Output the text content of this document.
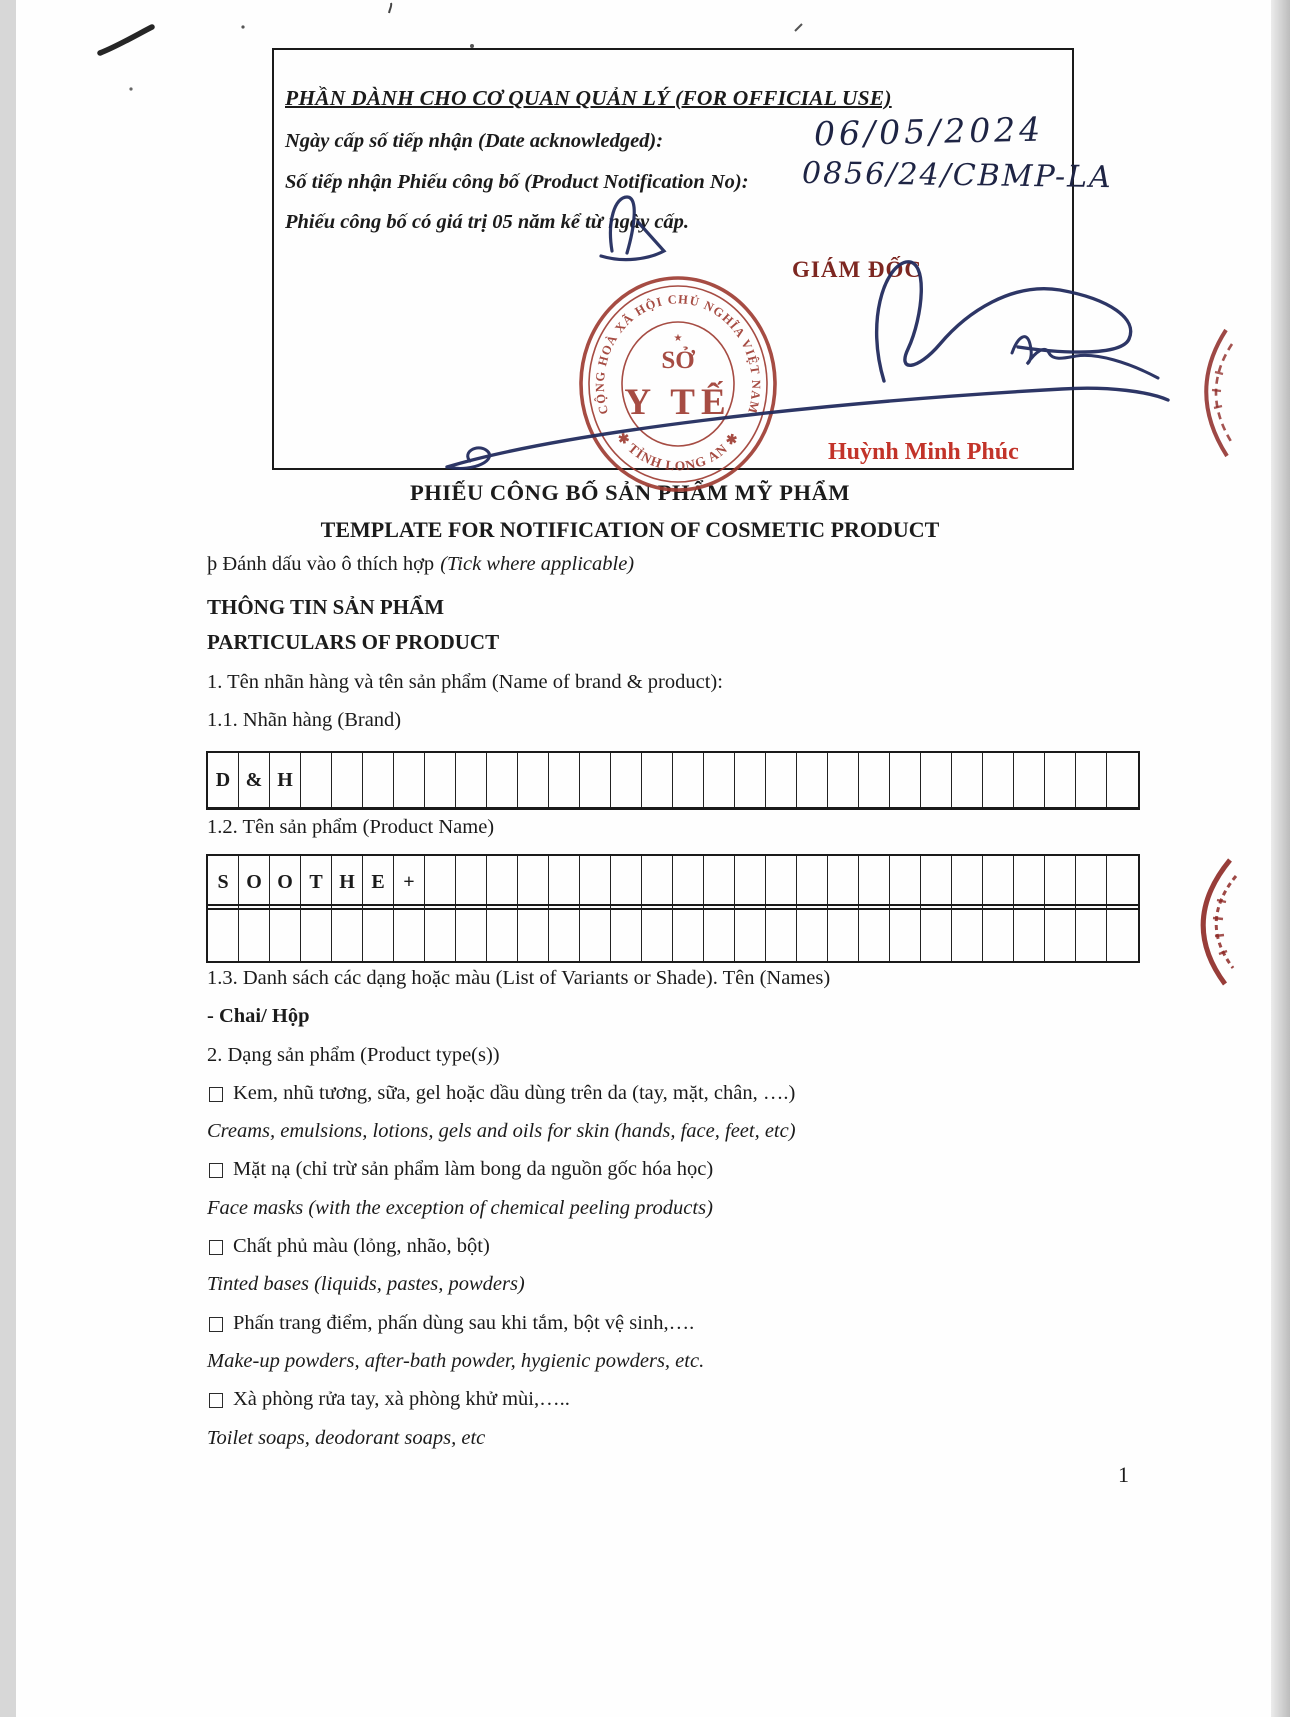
PHẦN DÀNH CHO CƠ QUAN QUẢN LÝ (FOR OFFICIAL USE)
Ngày cấp số tiếp nhận (Date acknowledged):
Số tiếp nhận Phiếu công bố (Product Notification No):
Phiếu công bố có giá trị 05 năm kể từ ngày cấp.
06/05/2024
0856/24/CBMP-LA
GIÁM ĐỐC
Huỳnh Minh Phúc
PHIẾU CÔNG BỐ SẢN PHẨM MỸ PHẨM
TEMPLATE FOR NOTIFICATION OF COSMETIC PRODUCT
þ Đánh dấu vào ô thích hợp (Tick where applicable)
THÔNG TIN SẢN PHẨM
PARTICULARS OF PRODUCT
1. Tên nhãn hàng và tên sản phẩm (Name of brand & product):
1.1. Nhãn hàng (Brand)
D & H
1.2. Tên sản phẩm (Product Name)
S O O T H E +
1.3. Danh sách các dạng hoặc màu (List of Variants or Shade). Tên (Names)
- Chai/ Hộp
2. Dạng sản phẩm (Product type(s))
Kem, nhũ tương, sữa, gel hoặc dầu dùng trên da (tay, mặt, chân, ….)
Creams, emulsions, lotions, gels and oils for skin (hands, face, feet, etc)
Mặt nạ (chỉ trừ sản phẩm làm bong da nguồn gốc hóa học)
Face masks (with the exception of chemical peeling products)
Chất phủ màu (lỏng, nhão, bột)
Tinted bases (liquids, pastes, powders)
Phấn trang điểm, phấn dùng sau khi tắm, bột vệ sinh,….
Make-up powders, after-bath powder, hygienic powders, etc.
Xà phòng rửa tay, xà phòng khử mùi,…..
Toilet soaps, deodorant soaps, etc
1
CỘNG HOÀ XÃ HỘI CHỦ NGHĨA VIỆT NAM
✱ TỈNH LONG AN ✱
★
SỞ
Y TẾ
